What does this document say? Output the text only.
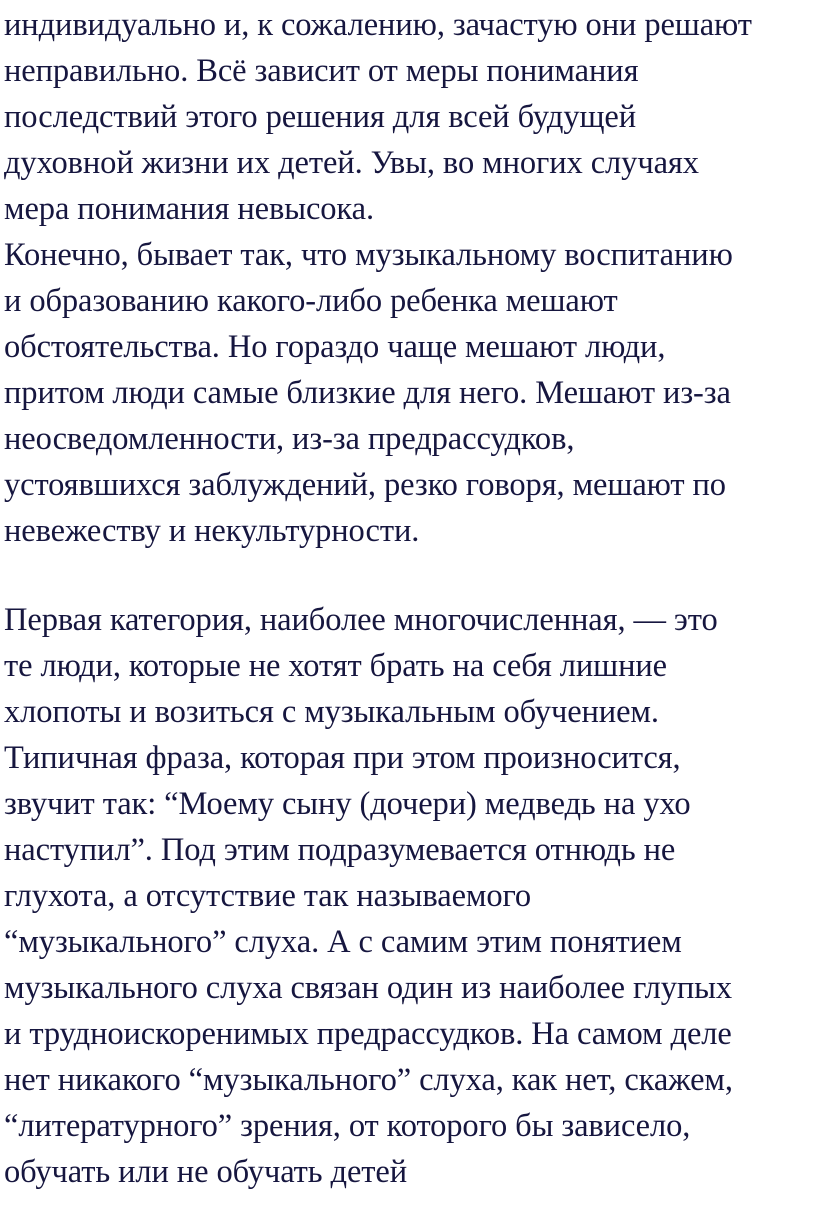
индивидуально и, к сожалению, зачастую они решают
неправильно. Всё зависит от меры понимания
последствий этого решения для всей будущей
духовной жизни их детей. Увы, во многих случаях
мера понимания невысока.
Конечно, бывает так, что музыкальному воспитанию
и образованию какого-либо ребенка мешают
обстоятельства. Но гораздо чаще мешают люди,
притом люди самые близкие для него. Мешают из-за
неосведомленности, из-за предрассудков,
устоявшихся заблуждений, резко говоря, мешают по
невежеству и некультурности.
Первая категория, наиболее многочисленная, — это
те люди, которые не хотят брать на себя лишние
хлопоты и возиться с музыкальным обучением.
Типичная фраза, которая при этом произносится,
звучит так: “Моему сыну (дочери) медведь на ухо
наступил”. Под этим подразумевается отнюдь не
глухота, а отсутствие так называемого
“музыкального” слуха. А с самим этим понятием
музыкального слуха связан один из наиболее глупых
и трудноискоренимых предрассудков. На самом деле
нет никакого “музыкального” слуха, как нет, скажем,
“литературного” зрения, от которого бы зависело,
обучать или не обучать детей
